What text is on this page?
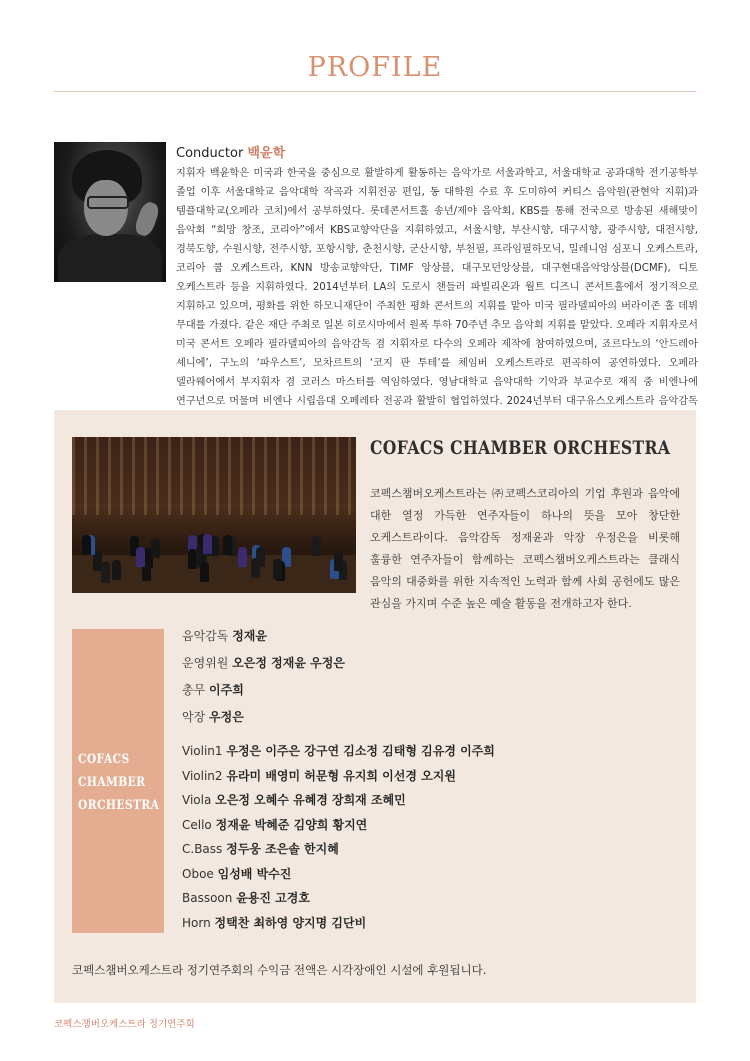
PROFILE
Conductor 백윤학
지휘자 백윤학은 미국과 한국을 중심으로 활발하게 활동하는 음악가로 서울과학고, 서울대학교 공과대학 전기공학부 졸업 이후 서울대학교 음악대학 작곡과 지휘전공 편입, 동 대학원 수료 후 도미하여 커티스 음악원(관현악 지휘)과 템플대학교(오페라 코치)에서 공부하였다. 롯데콘서트홀 송년/제야 음악회, KBS를 통해 전국으로 방송된 새해맞이 음악회 “희망 창조, 코리아”에서 KBS교향악단을 지휘하였고, 서울시향, 부산시향, 대구시향, 광주시향, 대전시향, 경북도향, 수원시향, 전주시향, 포항시향, 춘천시향, 군산시향, 부천필, 프라임필하모닉, 밀레니엄 심포니 오케스트라, 코리아 쿱 오케스트라, KNN 방송교향악단, TIMF 앙상블, 대구모던앙상블, 대구현대음악앙상블(DCMF), 디토 오케스트라 등을 지휘하였다. 2014년부터 LA의 도로시 챈들러 파빌리온과 월트 디즈니 콘서트홀에서 정기적으로 지휘하고 있으며, 평화를 위한 하모니재단이 주최한 평화 콘서트의 지휘를 맡아 미국 필라델피아의 버라이존 홀 데뷔 무대를 가졌다. 같은 재단 주최로 일본 히로시마에서 원폭 투하 70주년 추모 음악회 지휘를 맡았다. 오페라 지휘자로서 미국 콘서트 오페라 필라델피아의 음악감독 겸 지휘자로 다수의 오페라 제작에 참여하였으며, 죠르다노의 ‘안드레아 셰니에’, 구노의 ‘파우스트’, 모차르트의 ‘코지 판 투테’를 체임버 오케스트라로 편곡하여 공연하였다. 오페라 델라웨어에서 부지휘자 겸 코러스 마스터를 역임하였다. 영남대학교 음악대학 기악과 부교수로 재직 중 비엔나에 연구년으로 머물며 비엔나 시립음대 오페레타 전공과 활발히 협업하였다. 2024년부터 대구유스오케스트라 음악감독
COFACS CHAMBER ORCHESTRA
코펙스챔버오케스트라는 ㈜코펙스코리아의 기업 후원과 음악에 대한 열정 가득한 연주자들이 하나의 뜻을 모아 창단한 오케스트라이다. 음악감독 정재윤과 악장 우정은을 비롯해 훌륭한 연주자들이 함께하는 코펙스챔버오케스트라는 클래식 음악의 대중화를 위한 지속적인 노력과 함께 사회 공헌에도 많은 관심을 가지며 수준 높은 예술 활동을 전개하고자 한다.
COFACS
CHAMBER
ORCHESTRA
음악감독 정재윤
운영위원 오은정 정재윤 우정은
총무 이주희
악장 우정은
Violin1 우정은 이주은 강구연 김소정 김태형 김유경 이주희
Violin2 유라미 배영미 허문형 유지희 이선경 오지원
Viola 오은정 오혜수 유혜경 장희재 조혜민
Cello 정재윤 박혜준 김양희 황지연
C.Bass 정두웅 조은솔 한지혜
Oboe 임성배 박수진
Bassoon 윤용진 고경호
Horn 정택찬 최하영 양지명 김단비
코펙스챔버오케스트라 정기연주회의 수익금 전액은 시각장애인 시설에 후원됩니다.
코펙스챔버오케스트라 정기연주회
